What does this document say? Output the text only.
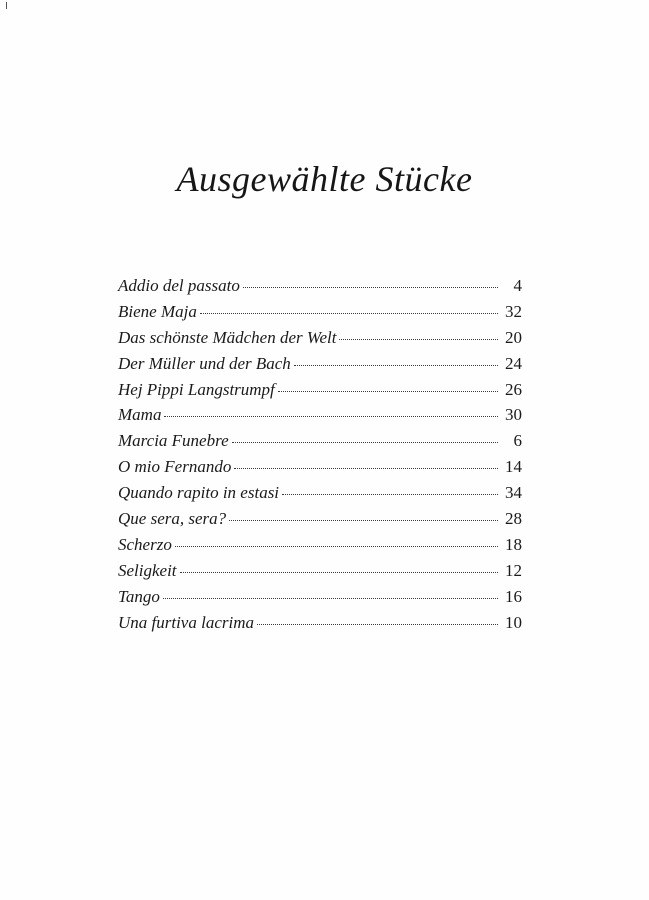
Ausgewählte Stücke
Addio del passato	4
Biene Maja	32
Das schönste Mädchen der Welt	20
Der Müller und der Bach	24
Hej Pippi Langstrumpf	26
Mama	30
Marcia Funebre	6
O mio Fernando	14
Quando rapito in estasi	34
Que sera, sera?	28
Scherzo	18
Seligkeit	12
Tango	16
Una furtiva lacrima	10
